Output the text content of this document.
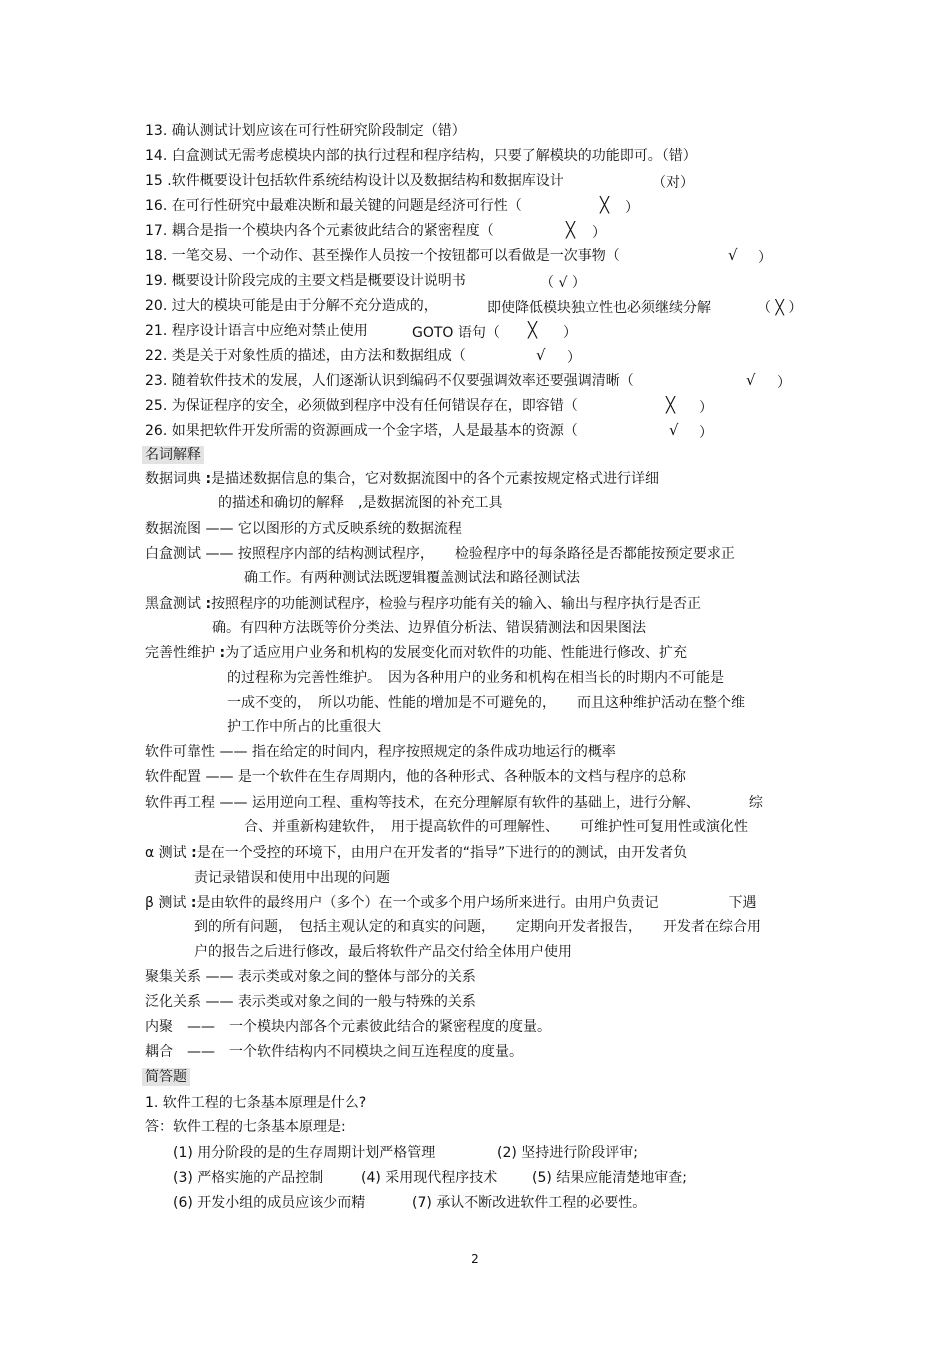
13. 确认测试计划应该在可行性研究阶段制定（错）
14. 白盒测试无需考虑模块内部的执行过程和程序结构，只要了解模块的功能即可。（错）
15 .软件概要设计包括软件系统结构设计以及数据结构和数据库设计	（对）
16. 在可行性研究中最难决断和最关键的问题是经济可行性（	╳ ）
17. 耦合是指一个模块内各个元素彼此结合的紧密程度（	╳ ）
18. 一笔交易、一个动作、甚至操作人员按一个按钮都可以看做是一次事物（	√ ）
19. 概要设计阶段完成的主要文档是概要设计说明书	（ √ ）
20. 过大的模块可能是由于分解不充分造成的，	即使降低模块独立性也必须继续分解	（ ╳ ）
21. 程序设计语言中应绝对禁止使用	GOTO 语句（ ╳ ）
22. 类是关于对象性质的描述，由方法和数据组成（	√ ）
23. 随着软件技术的发展，人们逐渐认识到编码不仅要强调效率还要强调清晰（	√ ）
25. 为保证程序的安全，必须做到程序中没有任何错误存在，即容错（	╳ ）
26. 如果把软件开发所需的资源画成一个金字塔，人是最基本的资源（	√ ）
名词解释
数据词典 :是描述数据信息的集合，它对数据流图中的各个元素按规定格式进行详细
的描述和确切的解释　,是数据流图的补充工具
数据流图 —— 它以图形的方式反映系统的数据流程
白盒测试 —— 按照程序内部的结构测试程序，　　检验程序中的每条路径是否都能按预定要求正
确工作。有两种测试法既逻辑覆盖测试法和路径测试法
黑盒测试 :按照程序的功能测试程序，检验与程序功能有关的输入、输出与程序执行是否正
确。有四种方法既等价分类法、边界值分析法、错误猜测法和因果图法
完善性维护 :为了适应用户业务和机构的发展变化而对软件的功能、性能进行修改、扩充
的过程称为完善性维护。　因为各种用户的业务和机构在相当长的时期内不可能是
一成不变的，　所以功能、性能的增加是不可避免的，　　而且这种维护活动在整个维
护工作中所占的比重很大
软件可靠性 —— 指在给定的时间内，程序按照规定的条件成功地运行的概率
软件配置 —— 是一个软件在生存周期内，他的各种形式、各种版本的文档与程序的总称
软件再工程 —— 运用逆向工程、重构等技术，在充分理解原有软件的基础上，进行分解、　　　　综
合、并重新构建软件，　用于提高软件的可理解性、　　可维护性可复用性或演化性
α 测试 :是在一个受控的环境下，由用户在开发者的“指导”下进行的的测试，由开发者负
责记录错误和使用中出现的问题
β 测试 :是由软件的最终用户（多个）在一个或多个用户场所来进行。由用户负责记　　　　　下遇
到的所有问题，　包括主观认定的和真实的问题，　　定期向开发者报告，　　开发者在综合用
户的报告之后进行修改，最后将软件产品交付给全体用户使用
聚集关系 —— 表示类或对象之间的整体与部分的关系
泛化关系 —— 表示类或对象之间的一般与特殊的关系
内聚　 ——　 一个模块内部各个元素彼此结合的紧密程度的度量。
耦合　 ——　 一个软件结构内不同模块之间互连程度的度量。
简答题
1. 软件工程的七条基本原理是什么?
答：软件工程的七条基本原理是:
(1) 用分阶段的是的生存周期计划严格管理	(2) 坚持进行阶段评审;
(3) 严格实施的产品控制	(4) 采用现代程序技术 (5) 结果应能清楚地审查;
(6) 开发小组的成员应该少而精	(7) 承认不断改进软件工程的必要性。
2
